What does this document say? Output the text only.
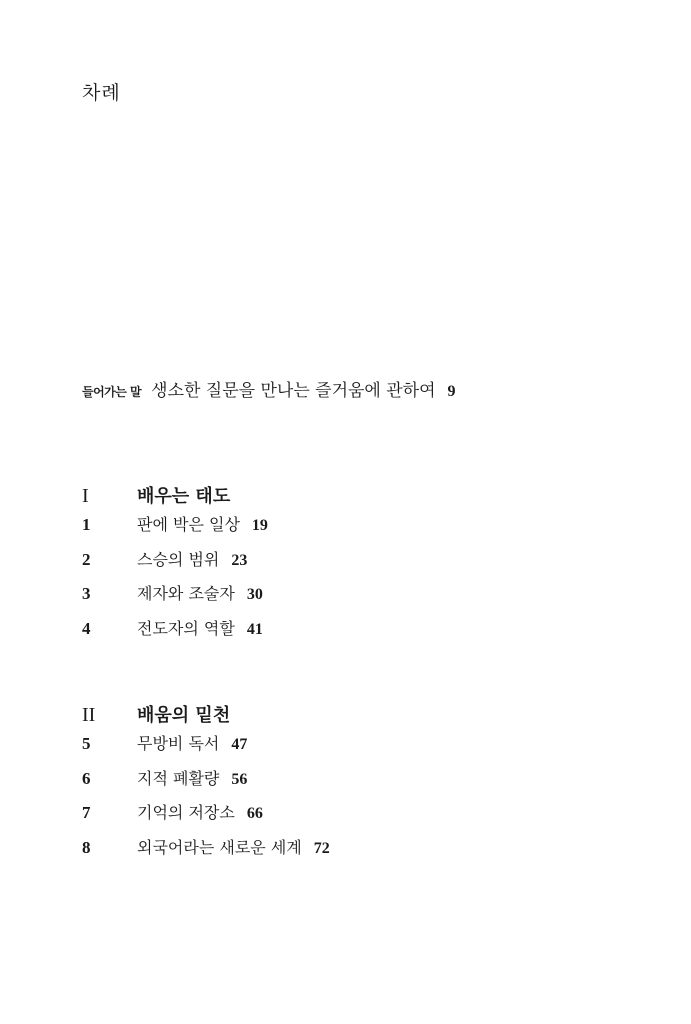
차례
들어가는 말 생소한 질문을 만나는 즐거움에 관하여 9
I	배우는 태도
1	판에 박은 일상 19
2	스승의 범위 23
3	제자와 조술자 30
4	전도자의 역할 41
II	배움의 밑천
5	무방비 독서 47
6	지적 폐활량 56
7	기억의 저장소 66
8	외국어라는 새로운 세계 72
